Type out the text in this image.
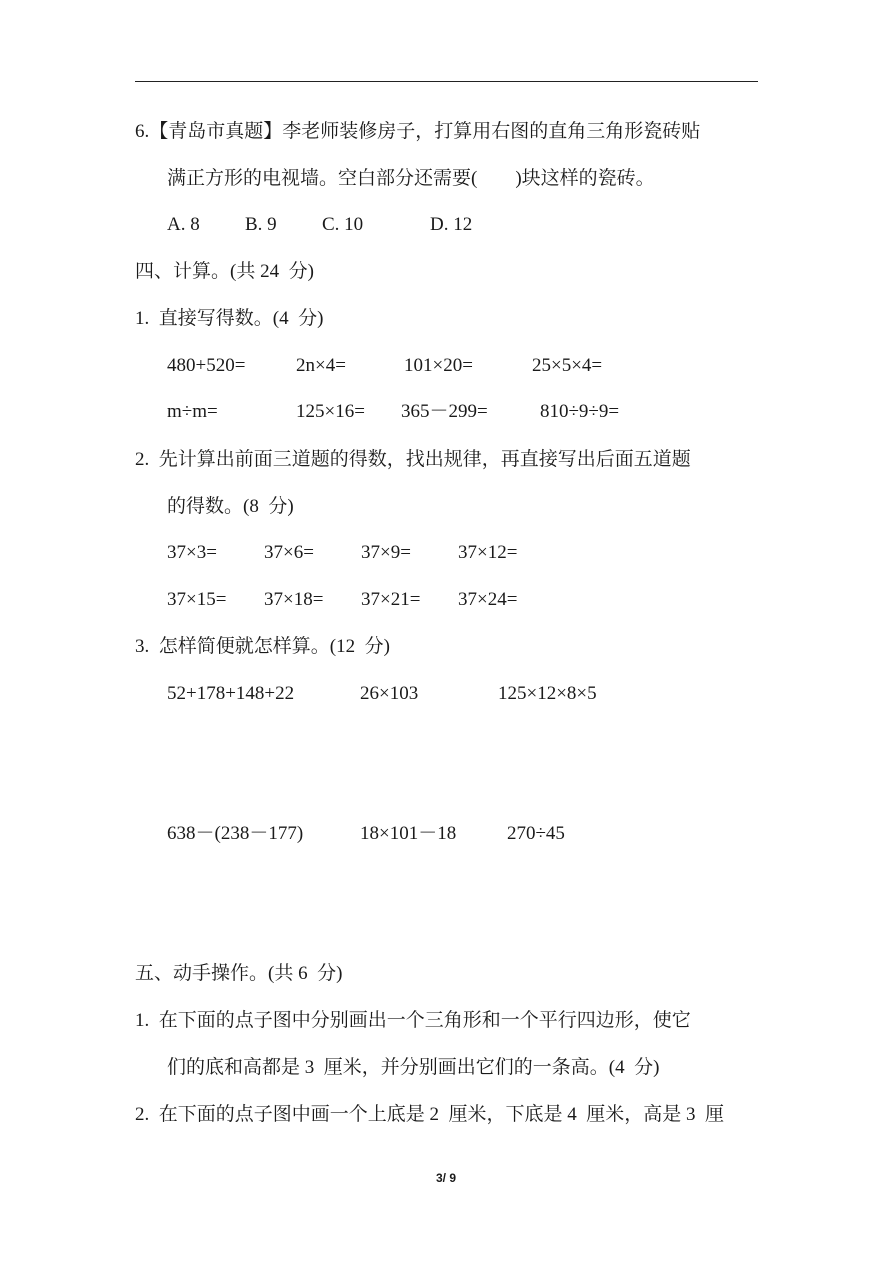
6.【青岛市真题】李老师装修房子，打算用右图的直角三角形瓷砖贴
满正方形的电视墙。空白部分还需要(　　)块这样的瓷砖。
A. 8 B. 9 C. 10	D. 12
四、计算。(共 24  分)
1.  直接写得数。(4  分)
480+520=	2n×4=	101×20=	25×5×4=
m÷m=	125×16= 365－299=	810÷9÷9=
2.  先计算出前面三道题的得数，找出规律，再直接写出后面五道题
的得数。(8  分)
37×3= 37×6= 37×9= 37×12=
37×15= 37×18= 37×21= 37×24=
3.  怎样简便就怎样算。(12  分)
52+178+148+22	26×103	125×12×8×5
638－(238－177)	18×101－18	270÷45
五、动手操作。(共 6  分)
1.  在下面的点子图中分别画出一个三角形和一个平行四边形，使它
们的底和高都是 3  厘米，并分别画出它们的一条高。(4  分)
2.  在下面的点子图中画一个上底是 2  厘米，下底是 4  厘米，高是 3  厘
3/ 9
